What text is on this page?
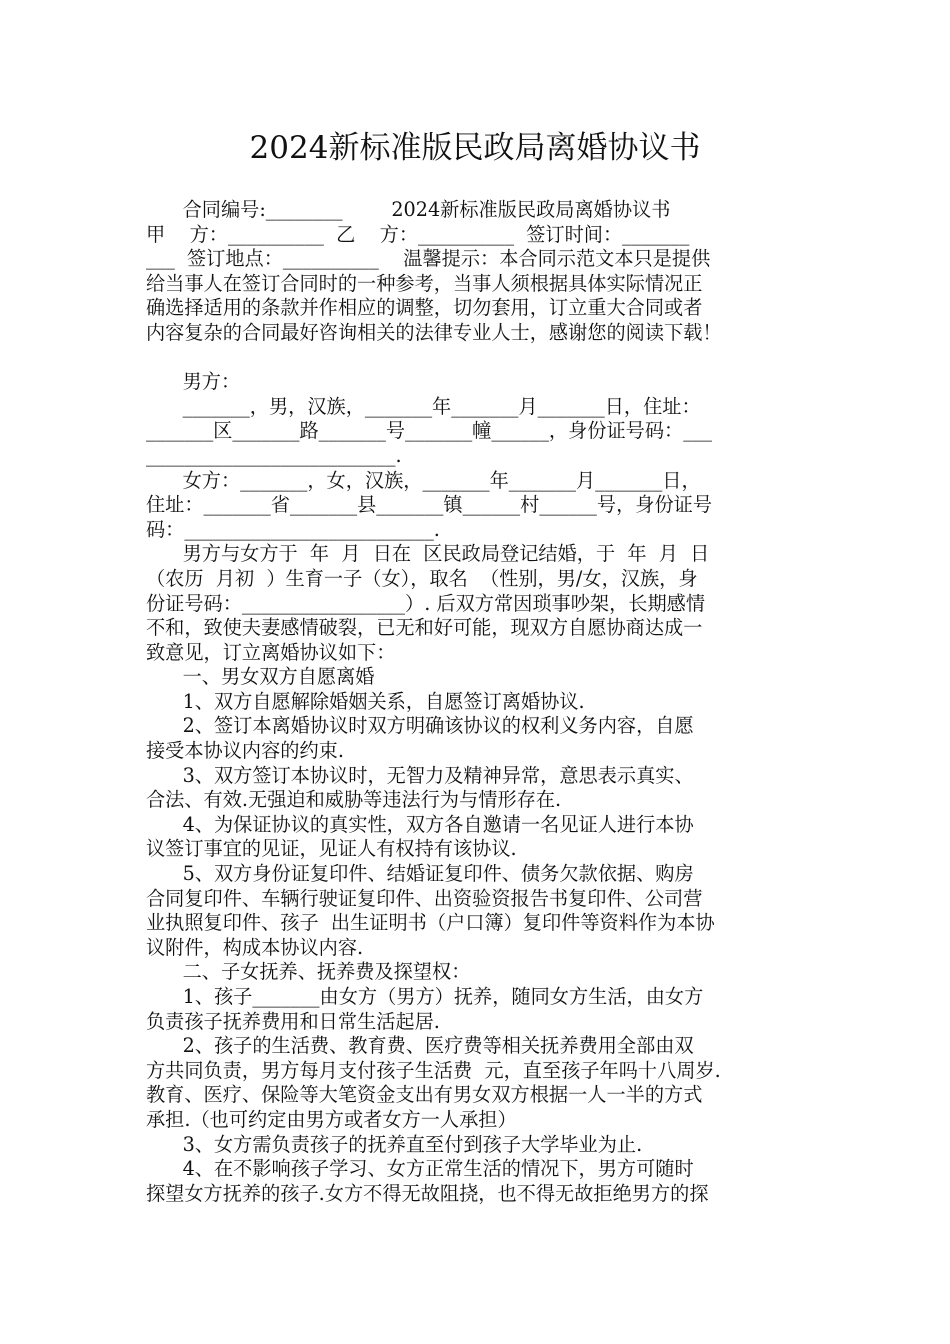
2024新标准版民政局离婚协议书
合同编号:________        2024新标准版民政局离婚协议书
甲    方：__________  乙    方：__________  签订时间：_______
___  签订地点：__________    温馨提示：本合同示范文本只是提供
给当事人在签订合同时的一种参考，当事人须根据具体实际情况正
确选择适用的条款并作相应的调整，切勿套用，订立重大合同或者
内容复杂的合同最好咨询相关的法律专业人士，感谢您的阅读下载！
男方：
_______，男，汉族，_______年_______月_______日，住址：
_______区_______路_______号_______幢______，身份证号码：___
__________________________.
女方：_______，女，汉族，_______年_______月_______日，
住址：_______省_______县_______镇______村______号，身份证号
码：__________________________.
男方与女方于  年  月  日在  区民政局登记结婚，于  年  月  日
（农历  月初  ）生育一子（女），取名  （性别，男/女，汉族，身
份证号码：_________________）. 后双方常因琐事吵架，长期感情
不和，致使夫妻感情破裂，已无和好可能，现双方自愿协商达成一
致意见，订立离婚协议如下：
一、男女双方自愿离婚
1、双方自愿解除婚姻关系，自愿签订离婚协议.
2、签订本离婚协议时双方明确该协议的权利义务内容，自愿
接受本协议内容的约束.
3、双方签订本协议时，无智力及精神异常，意思表示真实、
合法、有效.无强迫和威胁等违法行为与情形存在.
4、为保证协议的真实性，双方各自邀请一名见证人进行本协
议签订事宜的见证，见证人有权持有该协议.
5、双方身份证复印件、结婚证复印件、债务欠款依据、购房
合同复印件、车辆行驶证复印件、出资验资报告书复印件、公司营
业执照复印件、孩子  出生证明书（户口簿）复印件等资料作为本协
议附件，构成本协议内容.
二、子女抚养、抚养费及探望权：
1、孩子_______由女方（男方）抚养，随同女方生活，由女方
负责孩子抚养费用和日常生活起居.
2、孩子的生活费、教育费、医疗费等相关抚养费用全部由双
方共同负责，男方每月支付孩子生活费  元，直至孩子年吗十八周岁.
教育、医疗、保险等大笔资金支出有男女双方根据一人一半的方式
承担.（也可约定由男方或者女方一人承担）
3、女方需负责孩子的抚养直至付到孩子大学毕业为止.
4、在不影响孩子学习、女方正常生活的情况下，男方可随时
探望女方抚养的孩子.女方不得无故阻挠，也不得无故拒绝男方的探
